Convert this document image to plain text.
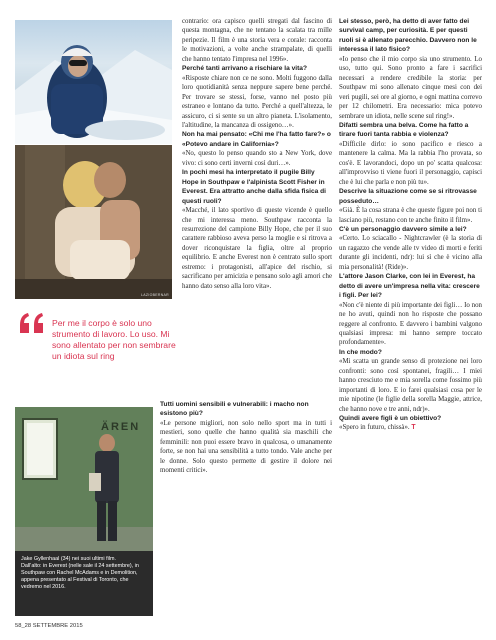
LAZIOBERNAR
Per me il corpo è solo uno strumento di lavoro. Lo uso. Mi sono allentato per non sembrare un idiota sul ring
ÄREN
Jake Gyllenhaal (34) nei suoi ultimi film.
Dall'alto: in Everest (nelle sale il 24 settembre), in Southpaw con Rachel McAdams e in Demolition, appena presentato al Festival di Toronto, che vedremo nel 2016.

contrario: ora capisco quelli stregati dal fascino di questa montagna, che ne tentano la scalata tra mille peripezie. Il film è una storia vera e corale: racconta le motivazioni, a volte anche strampalate, di quelli che hanno tentato l'impresa nel 1996».

Perché tanti arrivano a rischiare la vita?

«Risposte chiare non ce ne sono. Molti fuggono dalla loro quotidianità senza neppure sapere bene perché. Per trovare se stessi, forse, vanno nel posto più estraneo e lontano da tutto. Perché a quell'altezza, le assicuro, ci si sente su un altro pianeta. L'isolamento, l'altitudine, la mancanza di ossigeno…».

Non ha mai pensato: «Chi me l'ha fatto fare?» o «Potevo andare in California»?

«No, questo lo penso quando sto a New York, dove vivo: ci sono certi inverni così duri…».

In pochi mesi ha interpretato il pugile Billy Hope in Southpaw e l'alpinista Scott Fisher in Everest. Era attratto anche dalla sfida fisica di questi ruoli?

«Macché, il lato sportivo di queste vicende è quello che mi interessa meno. Southpaw racconta la resurrezione del campione Billy Hope, che per il suo carattere rabbioso aveva perso la moglie e si ritrova a dover riconquistare la figlia, oltre al proprio equilibrio. E anche Everest non è centrato sullo sport estremo: i protagonisti, all'apice del rischio, si sacrificano per amicizia e pensano solo agli amori che hanno dato senso alla loro vita».

Tutti uomini sensibili e vulnerabili: i macho non esistono più?

«Le persone migliori, non solo nello sport ma in tutti i mestieri, sono quelle che hanno qualità sia maschili che femminili: non puoi essere bravo in qualcosa, o umanamente forte, se non hai una sensibilità a tutto tondo. Vale anche per le donne. Solo questo permette di gestire il dolore nei momenti critici».

Lei stesso, però, ha detto di aver fatto dei survival camp, per curiosità. E per questi ruoli si è allenato parecchio. Davvero non le interessa il lato fisico?

«Io penso che il mio corpo sia uno strumento. Lo uso, tutto qui. Sono pronto a fare i sacrifici necessari a rendere credibile la storia: per Southpaw mi sono allenato cinque mesi con dei veri pugili, sei ore al giorno, e ogni mattina correvo per 12 chilometri. Era necessario: mica potevo sembrare un idiota, nelle scene sul ring!».

Difatti sembra una belva. Come ha fatto a tirare fuori tanta rabbia e violenza?

«Difficile dirlo: io sono pacifico e riesco a mantenere la calma. Ma la rabbia l'ho provata, so cos'è. E lavorandoci, dopo un po' scatta qualcosa: all'improvviso ti viene fuori il personaggio, capisci che è lui che parla e non più tu».

Descrive la situazione come se si ritrovasse posseduto…

«Già. È la cosa strana è che queste figure poi non ti lasciano più, restano con te anche finito il film».

C'è un personaggio davvero simile a lei?

«Certo. Lo sciacallo - Nightcrawler (è la storia di un ragazzo che vende alle tv video di morti e feriti durante gli incidenti, ndr): lui sì che è vicino alla mia personalità! (Ride)».

L'attore Jason Clarke, con lei in Everest, ha detto di avere un'impresa nella vita: crescere i figli. Per lei?

«Non c'è niente di più importante dei figli… Io non ne ho avuti, quindi non ho risposte che possano reggere al confronto. E davvero i bambini valgono qualsiasi impresa: mi hanno sempre toccato profondamente».

In che modo?

«Mi scatta un grande senso di protezione nei loro confronti: sono così spontanei, fragili… I miei hanno cresciuto me e mia sorella come fossimo più importanti di loro. E io farei qualsiasi cosa per le mie nipotine (le figlie della sorella Maggie, attrice, che hanno nove e tre anni, ndr)».

Quindi avere figli è un obiettivo?

«Spero in futuro, chissà». T

58_28 SETTEMBRE 2015
